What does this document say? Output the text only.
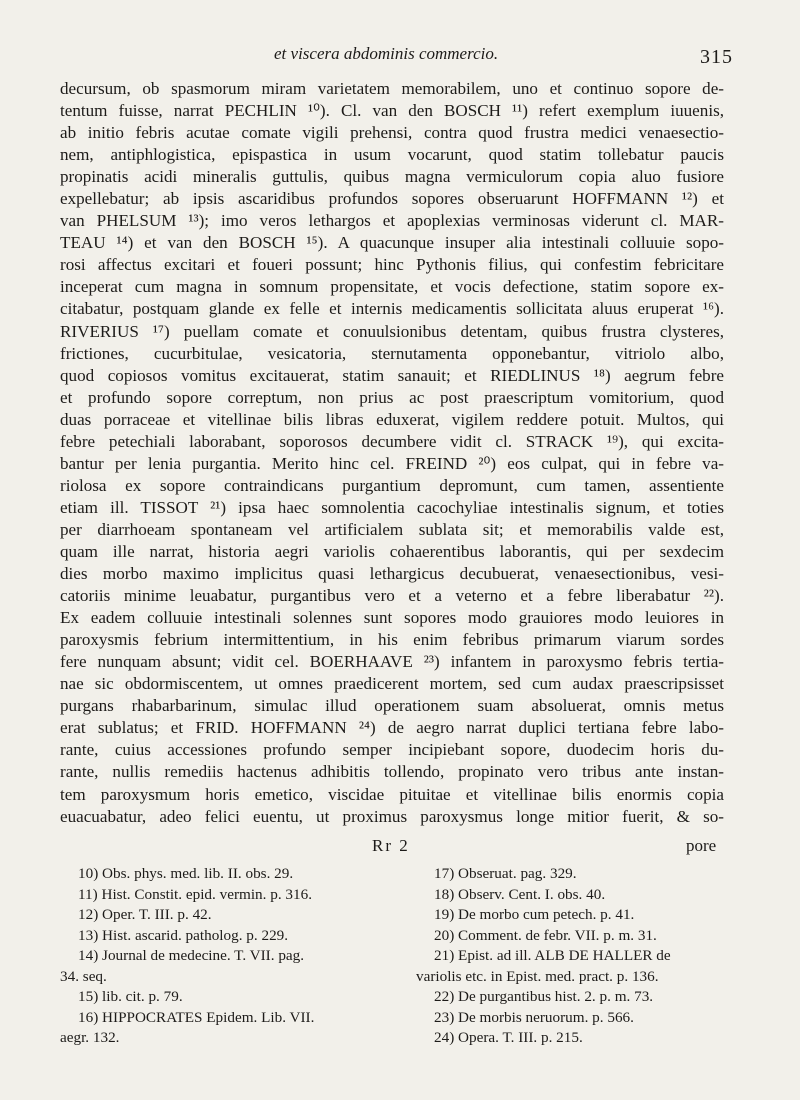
et viscera abdominis commercio.	315
decursum, ob spasmorum miram varietatem memorabilem, uno et continuo sopore de-
tentum fuisse, narrat PECHLIN ¹⁰). Cl. van den BOSCH ¹¹) refert exemplum iuuenis,
ab initio febris acutae comate vigili prehensi, contra quod frustra medici venaesectio-
nem, antiphlogistica, epispastica in usum vocarunt, quod statim tollebatur paucis
propinatis acidi mineralis guttulis, quibus magna vermiculorum copia aluo fusiore
expellebatur; ab ipsis ascaridibus profundos sopores obseruarunt HOFFMANN ¹²) et
van PHELSUM ¹³); imo veros lethargos et apoplexias verminosas viderunt cl. MAR-
TEAU ¹⁴) et van den BOSCH ¹⁵). A quacunque insuper alia intestinali colluuie sopo-
rosi affectus excitari et foueri possunt; hinc Pythonis filius, qui confestim febricitare
inceperat cum magna in somnum propensitate, et vocis defectione, statim sopore ex-
citabatur, postquam glande ex felle et internis medicamentis sollicitata aluus eruperat ¹⁶).
RIVERIUS ¹⁷) puellam comate et conuulsionibus detentam, quibus frustra clysteres,
frictiones, cucurbitulae, vesicatoria, sternutamenta opponebantur, vitriolo albo,
quod copiosos vomitus excitauerat, statim sanauit; et RIEDLINUS ¹⁸) aegrum febre
et profundo sopore correptum, non prius ac post praescriptum vomitorium, quod
duas porraceae et vitellinae bilis libras eduxerat, vigilem reddere potuit. Multos, qui
febre petechiali laborabant, soporosos decumbere vidit cl. STRACK ¹⁹), qui excita-
bantur per lenia purgantia. Merito hinc cel. FREIND ²⁰) eos culpat, qui in febre va-
riolosa ex sopore contraindicans purgantium depromunt, cum tamen, assentiente
etiam ill. TISSOT ²¹) ipsa haec somnolentia cacochyliae intestinalis signum, et toties
per diarrhoeam spontaneam vel artificialem sublata sit; et memorabilis valde est,
quam ille narrat, historia aegri variolis cohaerentibus laborantis, qui per sexdecim
dies morbo maximo implicitus quasi lethargicus decubuerat, venaesectionibus, vesi-
catoriis minime leuabatur, purgantibus vero et a veterno et a febre liberabatur ²²).
Ex eadem colluuie intestinali solennes sunt sopores modo grauiores modo leuiores in
paroxysmis febrium intermittentium, in his enim febribus primarum viarum sordes
fere nunquam absunt; vidit cel. BOERHAAVE ²³) infantem in paroxysmo febris tertia-
nae sic obdormiscentem, ut omnes praedicerent mortem, sed cum audax praescripsisset
purgans rhabarbarinum, simulac illud operationem suam absoluerat, omnis metus
erat sublatus; et FRID. HOFFMANN ²⁴) de aegro narrat duplici tertiana febre labo-
rante, cuius accessiones profundo semper incipiebant sopore, duodecim horis du-
rante, nullis remediis hactenus adhibitis tollendo, propinato vero tribus ante instan-
tem paroxysmum horis emetico, viscidae pituitae et vitellinae bilis enormis copia
euacuabatur, adeo felici euentu, ut proximus paroxysmus longe mitior fuerit, & so-
Rr 2	pore
10) Obs. phys. med. lib. II. obs. 29.
11) Hist. Constit. epid. vermin. p. 316.
12) Oper. T. III. p. 42.
13) Hist. ascarid. patholog. p. 229.
14) Journal de medecine. T. VII. pag.
34. seq.
15) lib. cit. p. 79.
16) HIPPOCRATES Epidem. Lib. VII.
aegr. 132.
17) Obseruat. pag. 329.
18) Observ. Cent. I. obs. 40.
19) De morbo cum petech. p. 41.
20) Comment. de febr. VII. p. m. 31.
21) Epist. ad ill. ALB DE HALLER de
variolis etc. in Epist. med. pract. p. 136.
22) De purgantibus hist. 2. p. m. 73.
23) De morbis neruorum. p. 566.
24) Opera. T. III. p. 215.
